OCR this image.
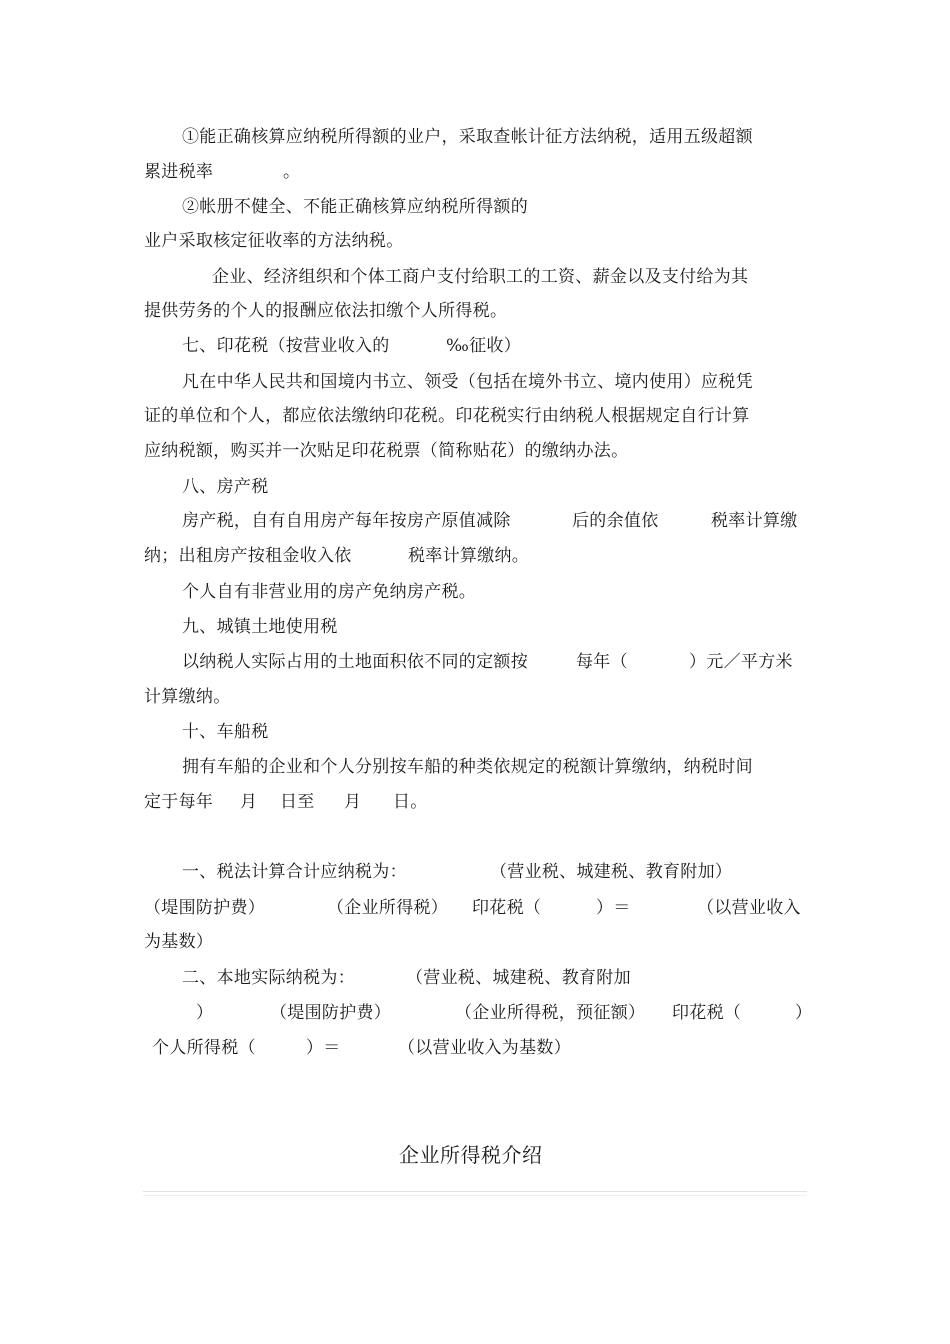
①能正确核算应纳税所得额的业户，采取查帐计征方法纳税，适用五级超额
累进税率	。
②帐册不健全、不能正确核算应纳税所得额的
业户采取核定征收率的方法纳税。
企业、经济组织和个体工商户支付给职工的工资、薪金以及支付给为其
提供劳务的个人的报酬应依法扣缴个人所得税。
七、印花税（按营业收入的	‰征收）
凡在中华人民共和国境内书立、领受（包括在境外书立、境内使用）应税凭
证的单位和个人，都应依法缴纳印花税。印花税实行由纳税人根据规定自行计算
应纳税额，购买并一次贴足印花税票（简称贴花）的缴纳办法。
八、房产税
房产税，自有自用房产每年按房产原值减除	后的余值依	税率计算缴
纳；出租房产按租金收入依	税率计算缴纳。
个人自有非营业用的房产免纳房产税。
九、城镇土地使用税
以纳税人实际占用的土地面积依不同的定额按	每年（	）元／平方米
计算缴纳。
十、车船税
拥有车船的企业和个人分别按车船的种类依规定的税额计算缴纳，纳税时间
定于每年 月 日至 月 日。
一、税法计算合计应纳税为：	（营业税、城建税、教育附加）
（堤围防护费）	（企业所得税） 印花税（	）＝	（以营业收入
为基数）
二、本地实际纳税为：	（营业税、城建税、教育附加
）	（堤围防护费）	（企业所得税，预征额） 印花税（	）
个人所得税（	）＝	（以营业收入为基数）
企业所得税介绍
